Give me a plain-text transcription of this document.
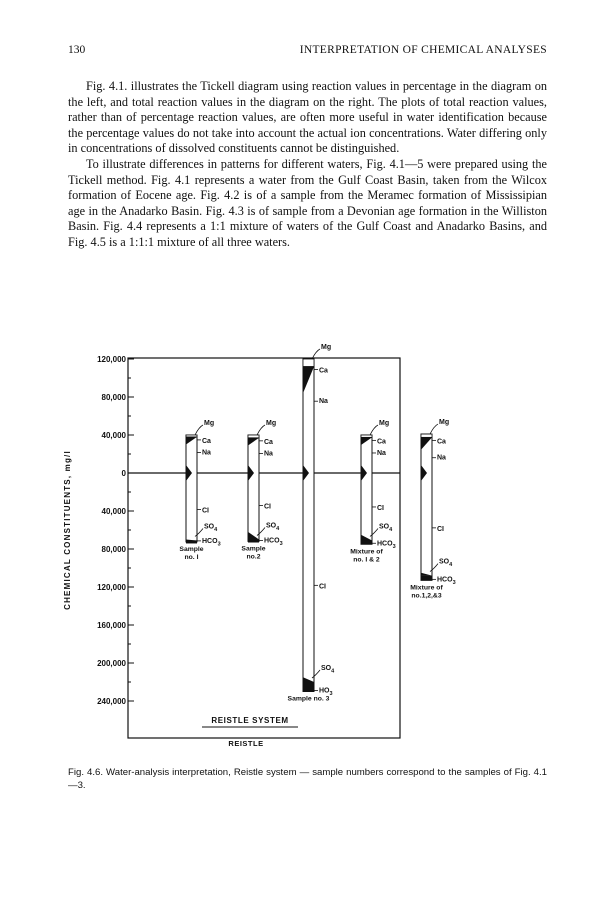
130	INTERPRETATION OF CHEMICAL ANALYSES

Fig. 4.1. illustrates the Tickell diagram using reaction values in percentage in the diagram on the left, and total reaction values in the diagram on the right. The plots of total reaction values, rather than of percentage reaction values, are often more useful in water identification because the percentage values do not take into account the actual ion concentrations. Water differing only in concentrations of dissolved constituents cannot be distinguished.

To illustrate differences in patterns for different waters, Fig. 4.1—5 were prepared using the Tickell method. Fig. 4.1 represents a water from the Gulf Coast Basin, taken from the Wilcox formation of Eocene age. Fig. 4.2 is of a sample from the Meramec formation of Mississipian age in the Anadarko Basin. Fig. 4.3 is of sample from a Devonian age formation in the Williston Basin. Fig. 4.4 represents a 1:1 mixture of waters of the Gulf Coast and Anadarko Basins, and Fig. 4.5 is a 1:1:1 mixture of all three waters.

120,000
80,000
40,000
0
40,000
80,000
120,000
160,000
200,000
240,000
CHEMICAL CONSTITUENTS, mg/l	Na
Ca
Mg
CI
$SO_4$
$HCO_3$
Sample
no. I
Na
Ca
Mg
CI
$SO_4$
$HCO_3$
Sample
no.2
Na
Ca
Mg
CI
$SO_4$
$HO_3$
Sample no. 3
Na
Ca
Mg
CI
$SO_4$
$HCO_3$
Mixture of
no. I & 2
Na
Ca
Mg
CI
$SO_4$
$HCO_3$
Mixture of
no.1,2,&3
REISTLE SYSTEM
REISTLE
Fig. 4.6. Water-analysis interpretation, Reistle system — sample numbers correspond to the samples of Fig. 4.1—3.
